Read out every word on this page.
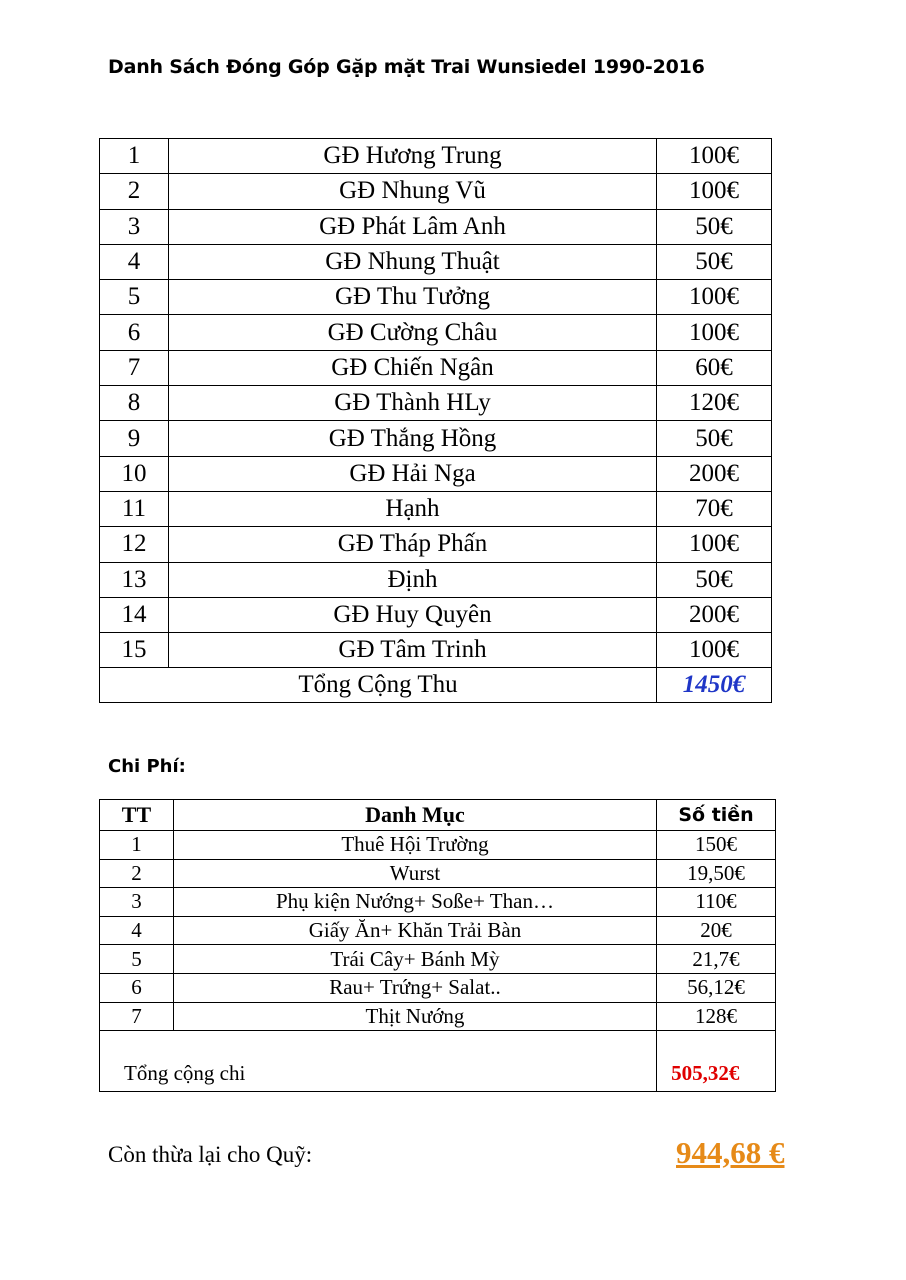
Danh Sách Đóng Góp Gặp mặt Trai Wunsiedel 1990-2016
1	GĐ Hương Trung	100€
2	GĐ Nhung Vũ	100€
3	GĐ Phát Lâm Anh	50€
4	GĐ Nhung Thuật	50€
5	GĐ Thu Tưởng	100€
6	GĐ Cường Châu	100€
7	GĐ Chiến Ngân	60€
8	GĐ Thành HLy	120€
9	GĐ Thắng Hồng	50€
10	GĐ Hải Nga	200€
11	Hạnh	70€
12	GĐ Tháp Phấn	100€
13	Định	50€
14	GĐ Huy Quyên	200€
15	GĐ Tâm Trinh	100€
Tổng Cộng Thu		1450€
Chi Phí:
TT	Danh Mục	Số tiền
1	Thuê Hội Trường	150€
2	Wurst	19,50€
3	Phụ kiện Nướng+ Soße+ Than…	110€
4	Giấy Ăn+ Khăn Trải Bàn	20€
5	Trái Cây+ Bánh Mỳ	21,7€
6	Rau+ Trứng+ Salat..	56,12€
7	Thịt Nướng	128€
Tổng cộng chi		505,32€
Còn thừa lại cho Quỹ:	944,68 €
